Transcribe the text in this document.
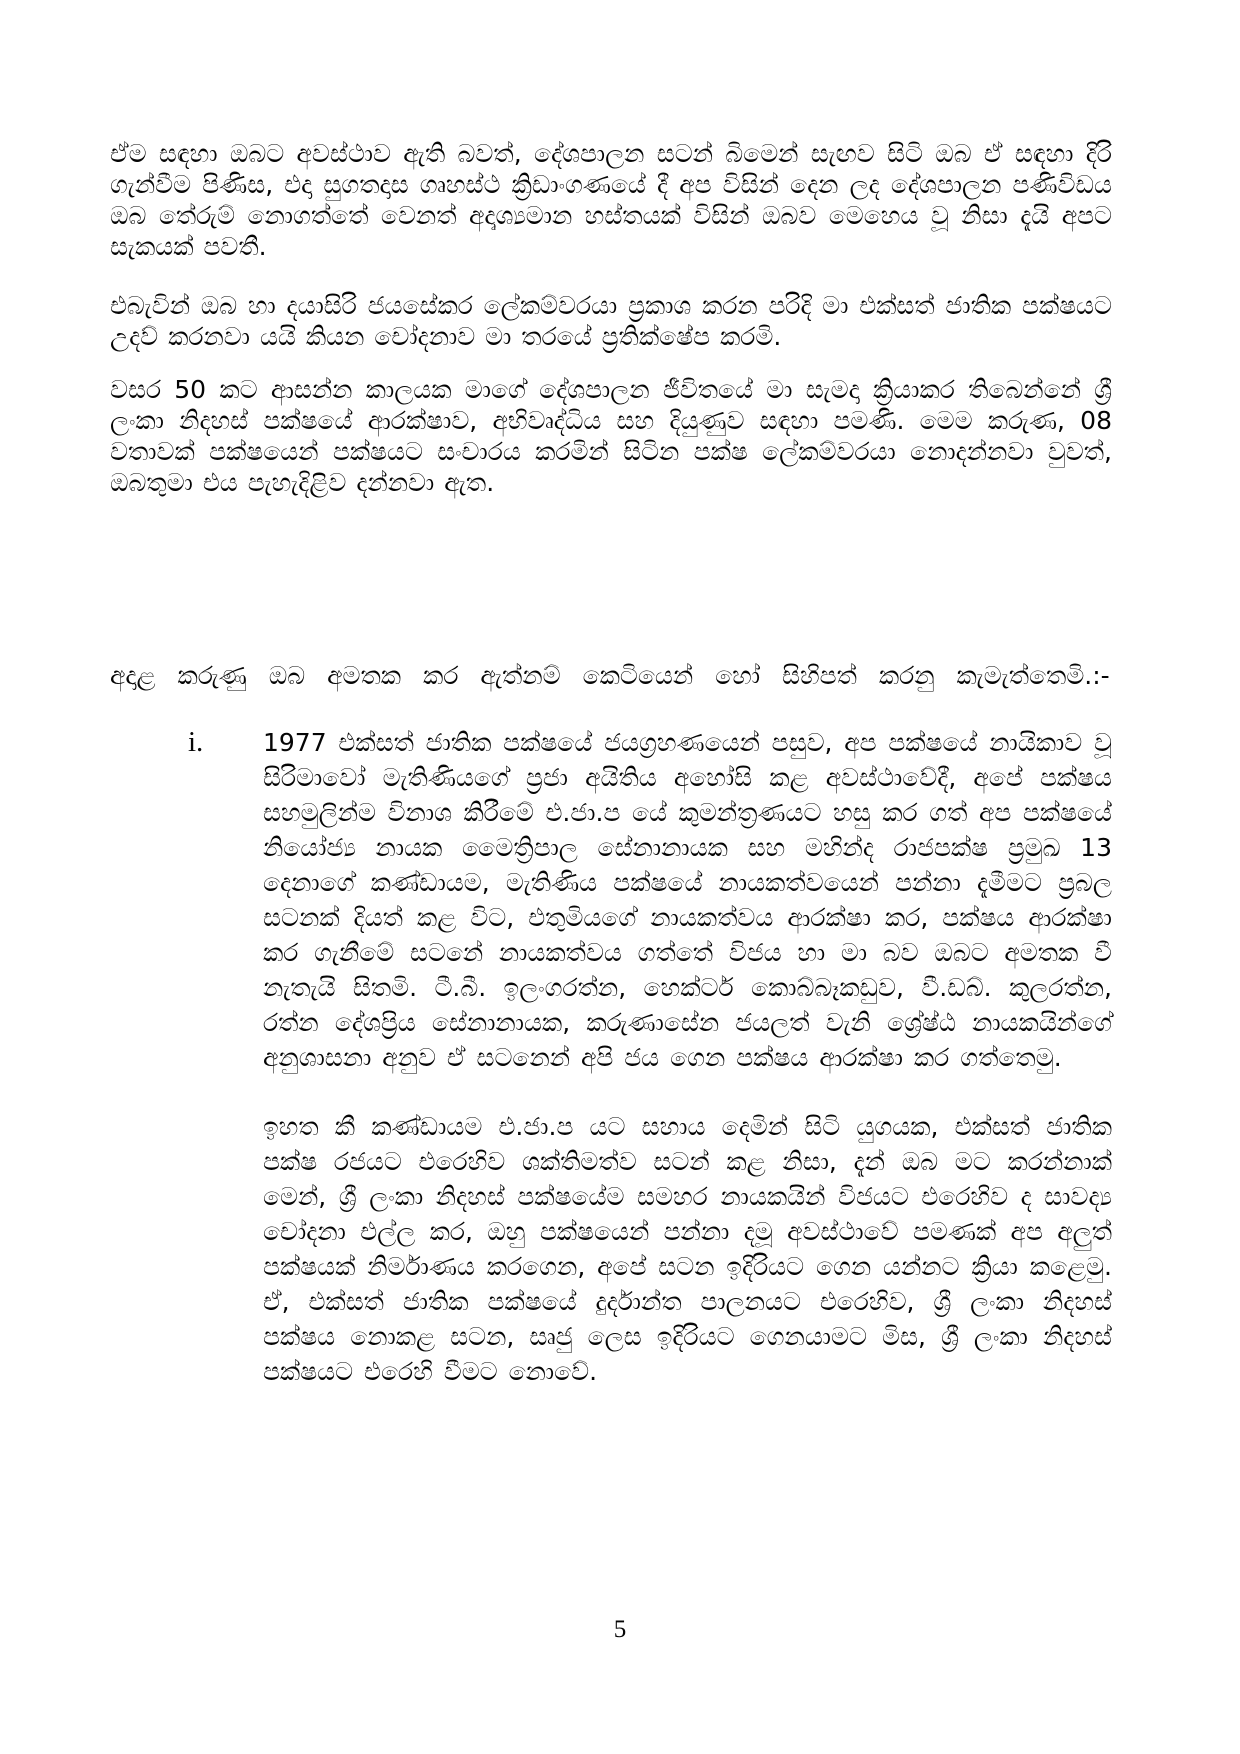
ඒම සඳහා ඔබට අවස්ථාව ඇති බවත්, දේශපාලන සටන් බිමෙන් සැඟව සිටි ඔබ ඒ සඳහා දිරි ගැන්වීම පිණිස, එදා සුගතදාස ගෘහස්ථ ක්‍රිඩාංගණයේ දී අප විසින් දෙන ලද දේශපාලන පණිවිඩය ඔබ තේරුම් නොගත්තේ වෙනත් අදෘශ්‍යමාන හස්තයක් විසින් ඔබව මෙහෙය වූ නිසා දැයි අපට සැකයක් පවතී.

එබැවින් ඔබ හා දයාසිරි ජයසේකර ලේකම්වරයා ප්‍රකාශ කරන පරිදි මා එක්සත් ජාතික පක්ෂයට උදව් කරනවා යයි කියන චෝදනාව මා තරයේ ප්‍රතික්ෂේප කරමි.

වසර 50 කට ආසන්න කාලයක මාගේ දේශපාලන ජීවිතයේ මා සැමදා ක්‍රියාකර තිබෙන්නේ ශ්‍රී ලංකා නිදහස් පක්ෂයේ ආරක්ෂාව, අභිවෘද්ධිය සහ දියුණුව සඳහා පමණි. මෙම කරුණ, 08 වතාවක් පක්ෂයෙන් පක්ෂයට සංචාරය කරමින් සිටින පක්ෂ ලේකම්වරයා නොදන්නවා වුවත්, ඔබතුමා එය පැහැදිළිව දන්නවා ඇත.

අදාළ කරුණු ඔබ අමතක කර ඇත්නම් කෙටියෙන් හෝ සිහිපත් කරනු කැමැත්තෙමි.:-

i.	1977 එක්සත් ජාතික පක්ෂයේ ජයග්‍රහණයෙන් පසුව, අප පක්ෂයේ නායිකාව වූ සිරිමාවෝ මැතිණියගේ ප්‍රජා අයිතිය අහෝසි කළ අවස්ථාවේදී, අපේ පක්ෂය සහමුලින්ම විනාශ කිරීමේ එ.ජා.ප යේ කුමන්ත්‍රණයට හසු කර ගත් අප පක්ෂයේ නියෝජ්‍ය නායක මෛත්‍රිපාල සේනානායක සහ මහින්ද රාජපක්ෂ ප්‍රමුඛ 13 දෙනාගේ කණ්ඩායම, මැතිණිය පක්ෂයේ නායකත්වයෙන් පන්නා දැමීමට ප්‍රබල සටනක් දියත් කළ විට, එතුමියගේ නායකත්වය ආරක්ෂා කර, පක්ෂය ආරක්ෂා කර ගැනීමේ සටනේ නායකත්වය ගත්තේ විජය හා මා බව ඔබට අමතක වී නැතැයි සිතමි. ටී.බී. ඉලංගරත්න, හෙක්ටර් කොබ්බෑකඩුව, වී.ඩබ්. කුලරත්න, රත්න දේශප්‍රිය සේනානායක, කරුණාසේන ජයලත් වැනි ශ්‍රේෂ්ඨ නායකයින්ගේ අනුශාසනා අනුව ඒ සටනෙන් අපි ජය ගෙන පක්ෂය ආරක්ෂා කර ගත්තෙමු.

ඉහත කී කණ්ඩායම එ.ජා.ප යට සහාය දෙමින් සිටි යුගයක, එක්සත් ජාතික පක්ෂ රජයට එරෙහිව ශක්තිමත්ව සටන් කළ නිසා, දැන් ඔබ මට කරන්නාක් මෙන්, ශ්‍රී ලංකා නිදහස් පක්ෂයේම සමහර නායකයින් විජයට එරෙහිව ද සාවද්‍ය චෝදනා එල්ල කර, ඔහු පක්ෂයෙන් පන්නා දමූ අවස්ථාවේ පමණක් අප අලුත් පක්ෂයක් නිර්මාණය කරගෙන, අපේ සටන ඉදිරියට ගෙන යන්නට ක්‍රියා කළෙමු. ඒ, එක්සත් ජාතික පක්ෂයේ දුර්දාන්ත පාලනයට එරෙහිව, ශ්‍රී ලංකා නිදහස් පක්ෂය නොකළ සටන, සෘජු ලෙස ඉදිරියට ගෙනයාමට මිස, ශ්‍රී ලංකා නිදහස් පක්ෂයට එරෙහි වීමට නොවේ.

5
